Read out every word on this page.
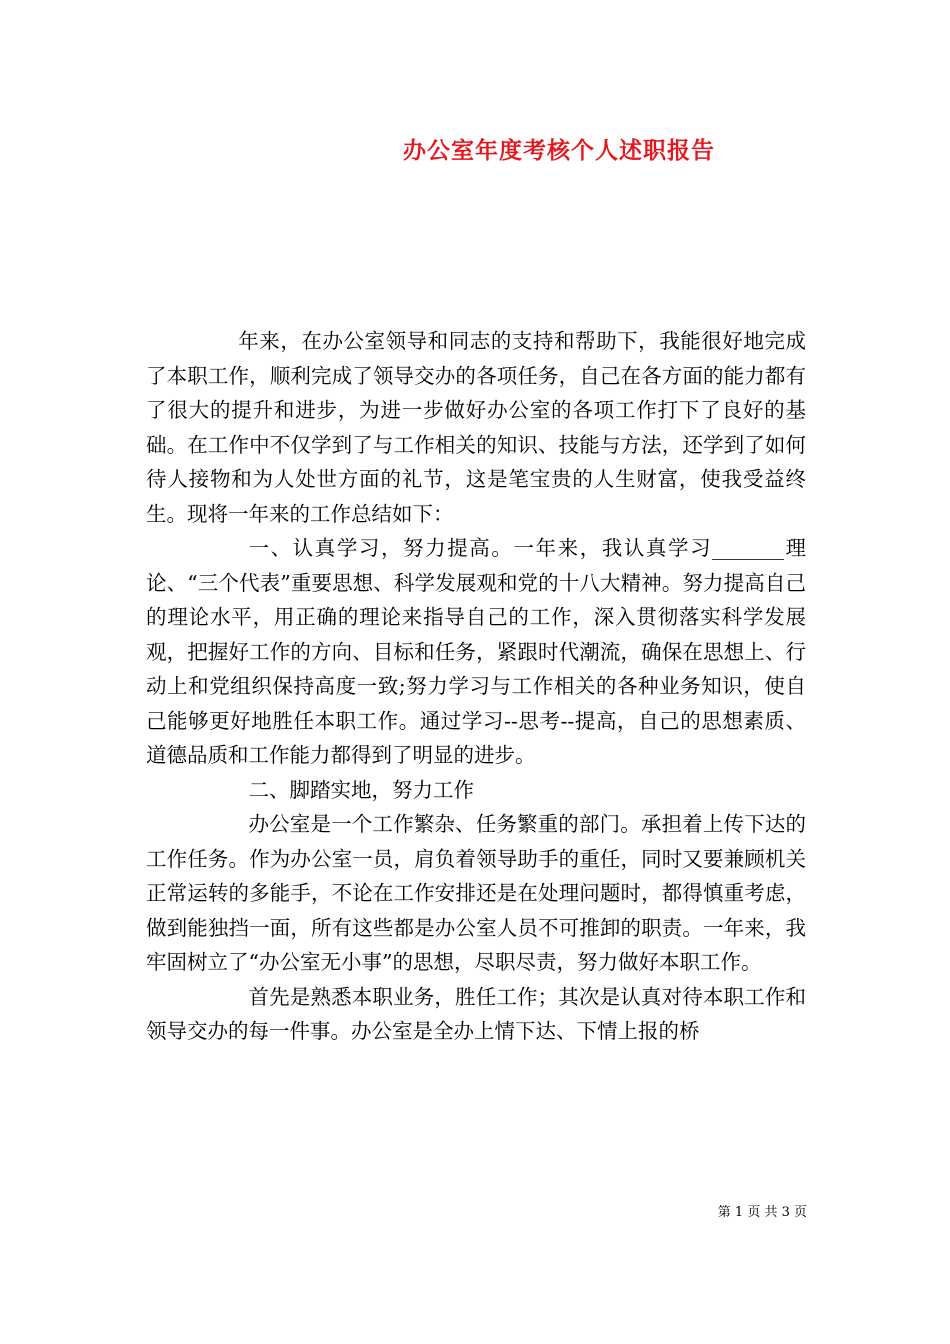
办公室年度考核个人述职报告

年来，在办公室领导和同志的支持和帮助下，我能很好地完成了本职工作，顺利完成了领导交办的各项任务，自己在各方面的能力都有了很大的提升和进步，为进一步做好办公室的各项工作打下了良好的基础。在工作中不仅学到了与工作相关的知识、技能与方法，还学到了如何待人接物和为人处世方面的礼节，这是笔宝贵的人生财富，使我受益终生。现将一年来的工作总结如下：

一、认真学习，努力提高。一年来，我认真学习_______理论、“三个代表”重要思想、科学发展观和党的十八大精神。努力提高自己的理论水平，用正确的理论来指导自己的工作，深入贯彻落实科学发展观，把握好工作的方向、目标和任务，紧跟时代潮流，确保在思想上、行动上和党组织保持高度一致;努力学习与工作相关的各种业务知识，使自己能够更好地胜任本职工作。通过学习--思考--提高，自己的思想素质、道德品质和工作能力都得到了明显的进步。

二、脚踏实地，努力工作

办公室是一个工作繁杂、任务繁重的部门。承担着上传下达的工作任务。作为办公室一员，肩负着领导助手的重任，同时又要兼顾机关正常运转的多能手，不论在工作安排还是在处理问题时，都得慎重考虑，做到能独挡一面，所有这些都是办公室人员不可推卸的职责。一年来，我牢固树立了“办公室无小事”的思想，尽职尽责，努力做好本职工作。

首先是熟悉本职业务，胜任工作；其次是认真对待本职工作和领导交办的每一件事。办公室是全办上情下达、下情上报的桥

第 1 页 共 3 页
